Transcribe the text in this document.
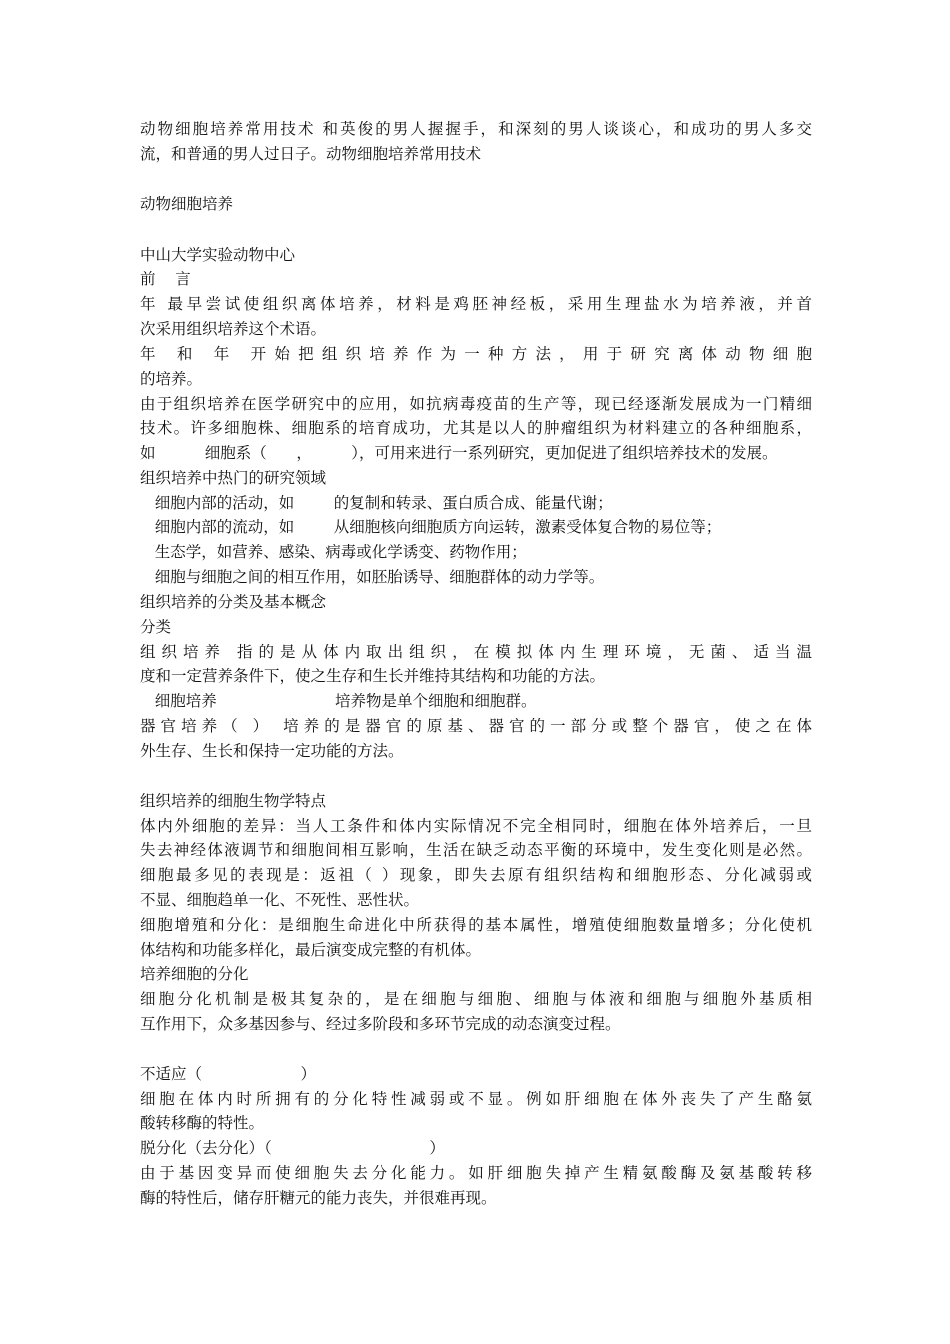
动物细胞培养常用技术 和英俊的男人握握手，和深刻的男人谈谈心，和成功的男人多交
流，和普通的男人过日子。动物细胞培养常用技术
动物细胞培养
中山大学实验动物中心
前    言
年 最早尝试使组织离体培养，材料是鸡胚神经板，采用生理盐水为培养液，并首
次采用组织培养这个术语。
年 和 年 开始把组织培养作为一种方法，用于研究离体动物细胞
的培养。
由于组织培养在医学研究中的应用，如抗病毒疫苗的生产等，现已经逐渐发展成为一门精细
技术。许多细胞株、细胞系的培育成功，尤其是以人的肿瘤组织为材料建立的各种细胞系，
如          细胞系（      ，        ），可用来进行一系列研究，更加促进了组织培养技术的发展。
组织培养中热门的研究领域
细胞内部的活动，如        的复制和转录、蛋白质合成、能量代谢；
细胞内部的流动，如        从细胞核向细胞质方向运转，激素受体复合物的易位等；
生态学，如营养、感染、病毒或化学诱变、药物作用；
细胞与细胞之间的相互作用，如胚胎诱导、细胞群体的动力学等。
组织培养的分类及基本概念
分类
组织培养 指的是从体内取出组织，在模拟体内生理环境，无菌、适当温
度和一定营养条件下，使之生存和生长并维持其结构和功能的方法。
细胞培养                        培养物是单个细胞和细胞群。
器官培养（ ） 培养的是器官的原基、器官的一部分或整个器官，使之在体
外生存、生长和保持一定功能的方法。
组织培养的细胞生物学特点
体内外细胞的差异：当人工条件和体内实际情况不完全相同时，细胞在体外培养后，一旦
失去神经体液调节和细胞间相互影响，生活在缺乏动态平衡的环境中，发生变化则是必然。
细胞最多见的表现是：返祖（ ）现象，即失去原有组织结构和细胞形态、分化减弱或
不显、细胞趋单一化、不死性、恶性状。
细胞增殖和分化：是细胞生命进化中所获得的基本属性，增殖使细胞数量增多；分化使机
体结构和功能多样化，最后演变成完整的有机体。
培养细胞的分化
细胞分化机制是极其复杂的，是在细胞与细胞、细胞与体液和细胞与细胞外基质相
互作用下，众多基因参与、经过多阶段和多环节完成的动态演变过程。
不适应（                    ）
细胞在体内时所拥有的分化特性减弱或不显。例如肝细胞在体外丧失了产生酪氨
酸转移酶的特性。
脱分化（去分化）（                                ）
由于基因变异而使细胞失去分化能力。如肝细胞失掉产生精氨酸酶及氨基酸转移
酶的特性后，储存肝糖元的能力丧失，并很难再现。
